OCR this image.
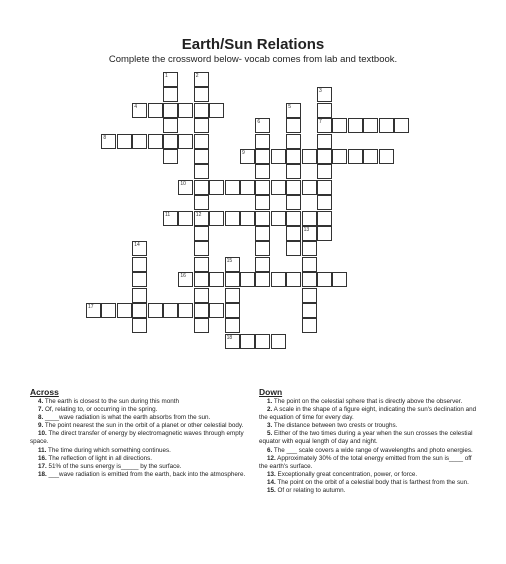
Earth/Sun Relations
Complete the crossword below- vocab comes from lab and textbook.
4
7
8
9
10
11	12
16
17
18
1	2
3
5
6
13
14
15
Across
4. The earth is closest to the sun during this month
7. Of, relating to, or occurring in the spring.
8. ____wave radiation is what the earth absorbs from the sun.
9. The point nearest the sun in the orbit of a planet or other celestial body.
10. The direct transfer of energy by electromagnetic waves through empty space.
11. The time during which something continues.
16. The reflection of light in all directions.
17. 51% of the suns energy is_____ by the surface.
18. ___wave radiation is emitted from the earth, back into the atmosphere.
Down
1. The point on the celestial sphere that is directly above the observer.
2. A scale in the shape of a figure eight, indicating the sun's declination and the equation of time for every day.
3. The distance between two crests or troughs.
5. Either of the two times during a year when the sun crosses the celestial equator with equal length of day and night.
6. The ___ scale covers a wide range of wavelengths and photo energies.
12. Approximately 30% of the total energy emitted from the sun is____ off the earth's surface.
13. Exceptionally great concentration, power, or force.
14. The point on the orbit of a celestial body that is farthest from the sun.
15. Of or relating to autumn.
